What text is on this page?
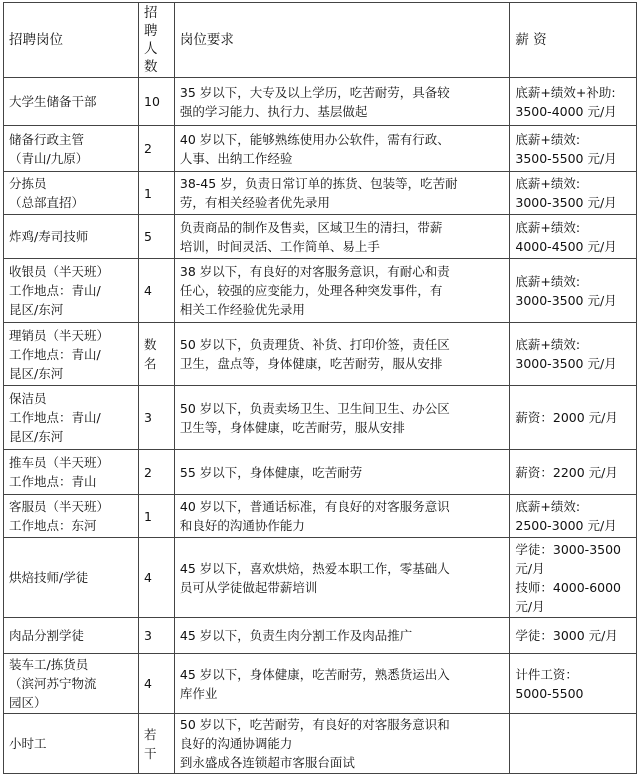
招聘岗位	招聘
人数	岗位要求	薪 资
大学生储备干部	10	35 岁以下，大专及以上学历，吃苦耐劳，具备较
强的学习能力、执行力、基层做起	底薪+绩效+补助:
3500-4000 元/月
储备行政主管
（青山/九原）	2	40 岁以下，能够熟练使用办公软件，需有行政、
人事、出纳工作经验	底薪+绩效:
3500-5500 元/月
分拣员
（总部直招）	1	38-45 岁，负责日常订单的拣货、包装等，吃苦耐
劳，有相关经验者优先录用	底薪+绩效:
3000-3500 元/月
炸鸡/寿司技师	5	负责商品的制作及售卖，区域卫生的清扫，带薪
培训，时间灵活、工作简单、易上手	底薪+绩效:
4000-4500 元/月
收银员（半天班）
工作地点：青山/
昆区/东河	4	38 岁以下，有良好的对客服务意识，有耐心和责
任心，较强的应变能力，处理各种突发事件，有
相关工作经验优先录用	底薪+绩效:
3000-3500 元/月
理销员（半天班）
工作地点：青山/
昆区/东河	数名	50 岁以下，负责理货、补货、打印价签，责任区
卫生，盘点等，身体健康，吃苦耐劳，服从安排	底薪+绩效:
3000-3500 元/月
保洁员
工作地点：青山/
昆区/东河	3	50 岁以下，负责卖场卫生、卫生间卫生、办公区
卫生等，身体健康，吃苦耐劳，服从安排	薪资：2000 元/月
推车员（半天班）
工作地点：青山	2	55 岁以下，身体健康，吃苦耐劳	薪资：2200 元/月
客服员（半天班）
工作地点：东河	1	40 岁以下，普通话标准，有良好的对客服务意识
和良好的沟通协作能力	底薪+绩效:
2500-3000 元/月
烘焙技师/学徒	4	45 岁以下，喜欢烘焙，热爱本职工作，零基础人
员可从学徒做起带薪培训	学徒：3000-3500
元/月
技师：4000-6000
元/月
肉品分割学徒	3	45 岁以下，负责生肉分割工作及肉品推广	学徒：3000 元/月
装车工/拣货员
（滨河苏宁物流
园区）	4	45 岁以下，身体健康，吃苦耐劳，熟悉货运出入
库作业	计件工资：
5000-5500
小时工	若干	50 岁以下，吃苦耐劳，有良好的对客服务意识和
良好的沟通协调能力
到永盛成各连锁超市客服台面试	
